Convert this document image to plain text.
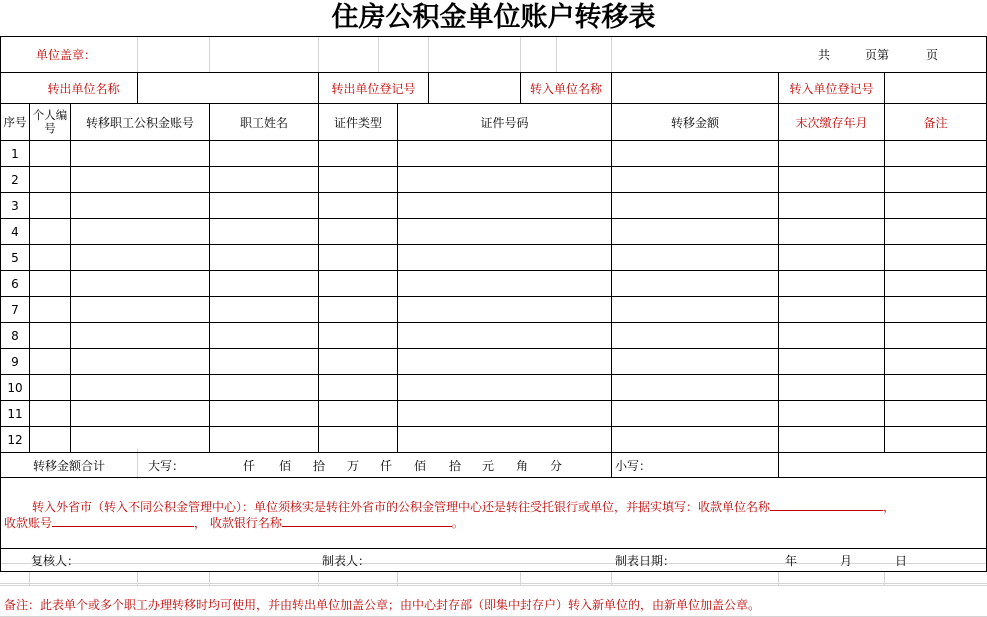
住房公积金单位账户转移表
单位盖章：	共	页第	页
转出单位名称	转出单位登记号	转入单位名称	转入单位登记号
序号 个人编号	转移职工公积金账号	职工姓名	证件类型	证件号码	转移金额	末次缴存年月	备注
1
2
3
4
5
6
7
8
9
10
11
12
转移金额合计	大写：	仟 佰 拾 万 仟 佰 拾 元 角 分	小写：
转入外省市（转入不同公积金管理中心）：单位须核实是转往外省市的公积金管理中心还是转往受托银行或单位，并据实填写：收款单位名称	，
收款账号	， 收款银行名称	。
复核人：	制表人：	制表日期：	年	月	日
备注：此表单个或多个职工办理转移时均可使用，并由转出单位加盖公章；由中心封存部（即集中封存户）转入新单位的，由新单位加盖公章。
